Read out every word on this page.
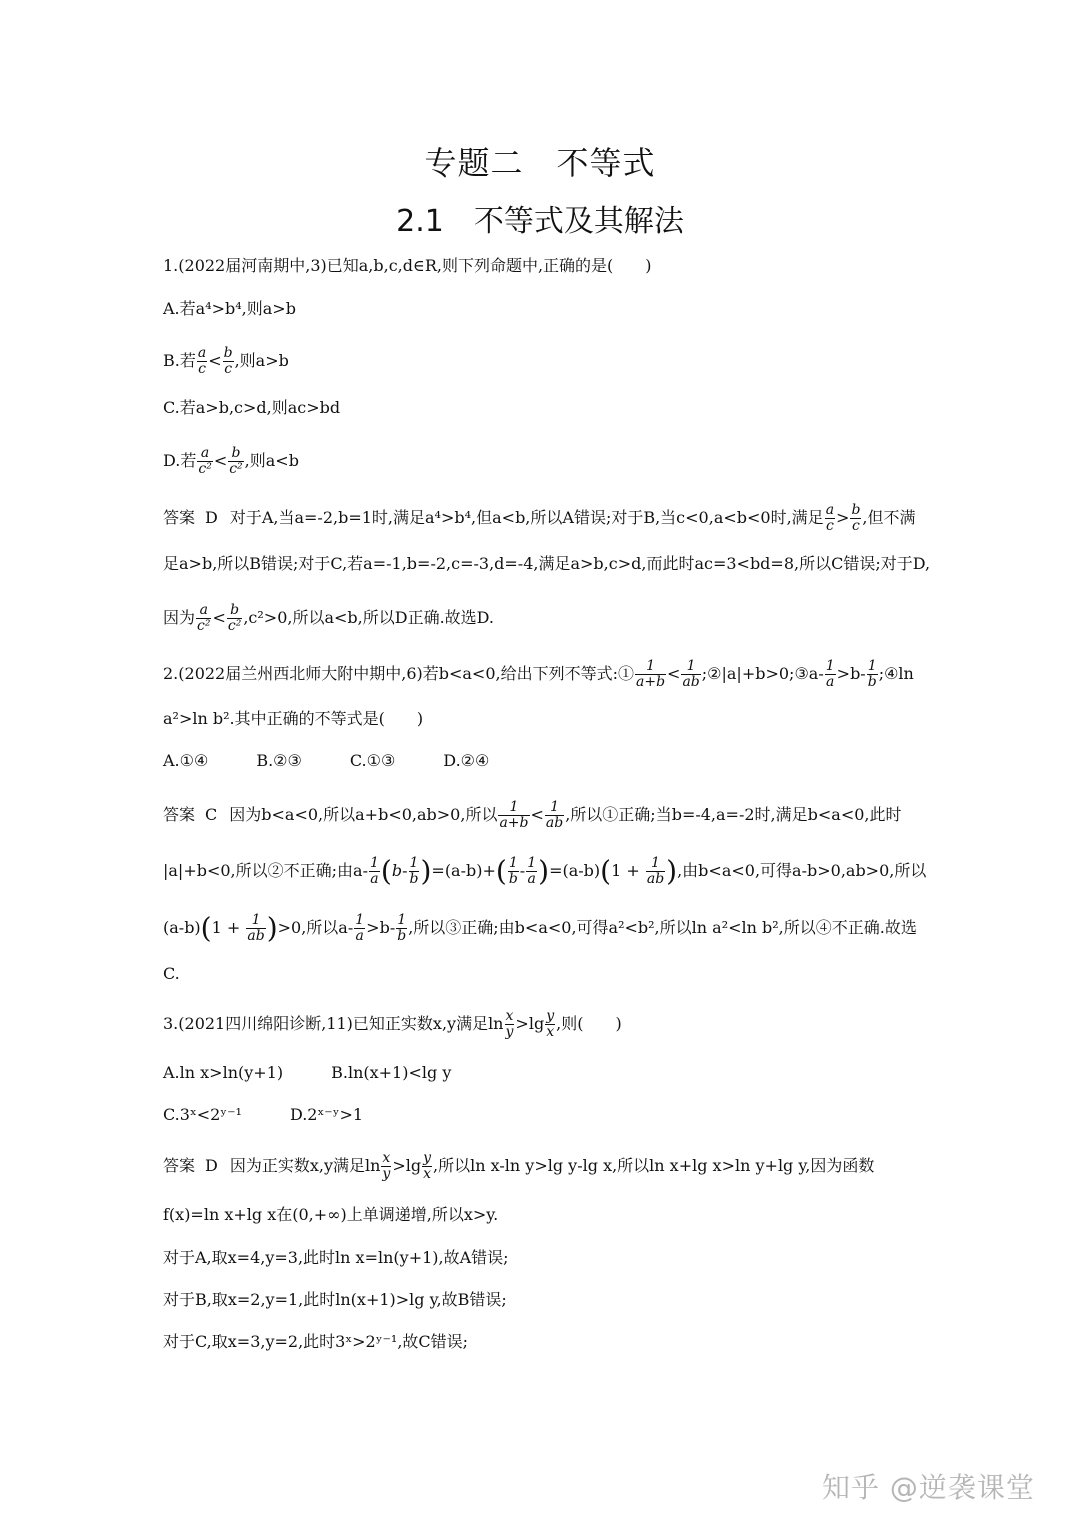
专题二　不等式
2.1　不等式及其解法
1.(2022届河南期中,3)已知a,b,c,d∈R,则下列命题中,正确的是(　　)
A.若a⁴>b⁴,则a>b
B.若 $\frac{a}{c} < \frac{b}{c}$ ,则a>b
C.若a>b,c>d,则ac>bd
D.若 $\frac{a}{\text{c²}} < \frac{b}{\text{c²}}$ ,则a<b
答案 D 对于A,当a=-2,b=1时,满足a⁴>b⁴,但a<b,所以A错误;对于B,当c<0,a<b<0时,满足 $\frac{a}{c} > \frac{b}{c}$ ,但不满
足a>b,所以B错误;对于C,若a=-1,b=-2,c=-3,d=-4,满足a>b,c>d,而此时ac=3<bd=8,所以C错误;对于D,
因为 $\frac{a}{\text{c²}} < \frac{b}{\text{c²}} ,c^2>0$,所以a<b,所以D正确.故选D.
2.(2022届兰州西北师大附中期中,6)若b<a<0,给出下列不等式:① $\frac{1}{a+b} < \frac{1}{ab}$ ;②|a|+b>0;③a- $\frac{1}{a} >b- \frac{1}{b}$ ;④ln
a²>ln b².其中正确的不等式是(　　)
A.①④　　　B.②③　　　C.①③　　　D.②④
答案 C 因为b<a<0,所以a+b<0,ab>0,所以 $\frac{1}{a+b} < \frac{1}{ab}$ ,所以①正确;当b=-4,a=-2时,满足b<a<0,此时
|a|+b<0,所以②不正确;由$a- \frac{1}{a} (b- \frac{1}{b} )=(a-b)+( \frac{1}{b} - \frac{1}{a} )=(a-b)(1 + \frac{1}{ab}$ ),由b<a<0,可得a-b>0,ab>0,所以
$(a-b)(1 + \frac{1}{ab} )>0$,所以$a- \frac{1}{a} >b- \frac{1}{b}$ ,所以③正确;由b<a<0,可得a²<b²,所以ln a²<ln b²,所以④不正确.故选
C.
3.(2021四川绵阳诊断,11)已知正实数x,y满足$\ln \frac{x}{y} >\lg \frac{y}{x}$ ,则(　　)
A.ln x>ln(y+1)　　　B.ln(x+1)<lg y
C.3ˣ<2ʸ⁻¹　　　D.2ˣ⁻ʸ>1
答案 D 因为正实数x,y满足$\ln \frac{x}{y} >\lg \frac{y}{x}$ ,所以ln x-ln y>lg y-lg x,所以ln x+lg x>ln y+lg y,因为函数
f(x)=ln x+lg x在(0,+∞)上单调递增,所以x>y.
对于A,取x=4,y=3,此时ln x=ln(y+1),故A错误;
对于B,取x=2,y=1,此时ln(x+1)>lg y,故B错误;
对于C,取x=3,y=2,此时3ˣ>2ʸ⁻¹,故C错误;
知乎 @逆袭课堂
